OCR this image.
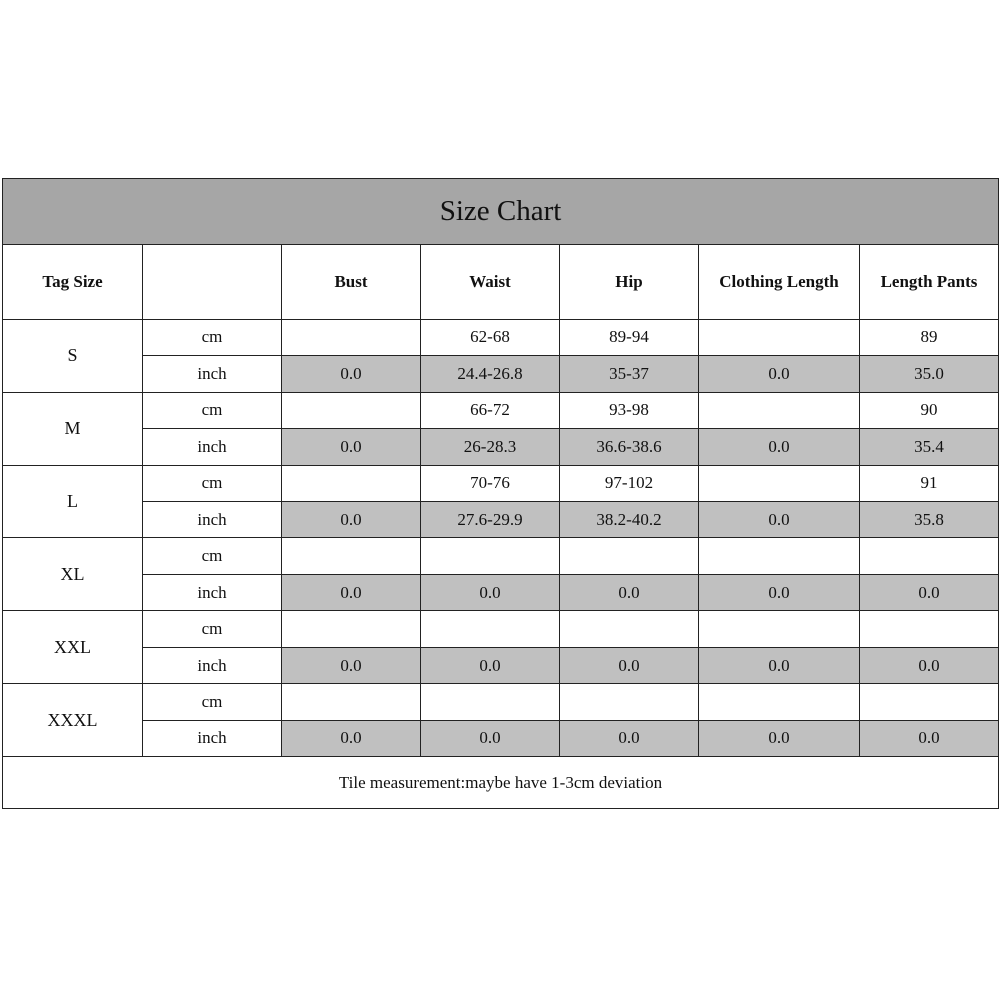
Size Chart						
Tag Size		Bust	Waist	Hip	Clothing Length	Length Pants
S	cm		62-68	89-94		89
	inch	0.0	24.4-26.8	35-37	0.0	35.0
M	cm		66-72	93-98		90
	inch	0.0	26-28.3	36.6-38.6	0.0	35.4
L	cm		70-76	97-102		91
	inch	0.0	27.6-29.9	38.2-40.2	0.0	35.8
XL	cm					
	inch	0.0	0.0	0.0	0.0	0.0
XXL	cm					
	inch	0.0	0.0	0.0	0.0	0.0
XXXL	cm					
	inch	0.0	0.0	0.0	0.0	0.0
Tile measurement:maybe have 1-3cm deviation						
